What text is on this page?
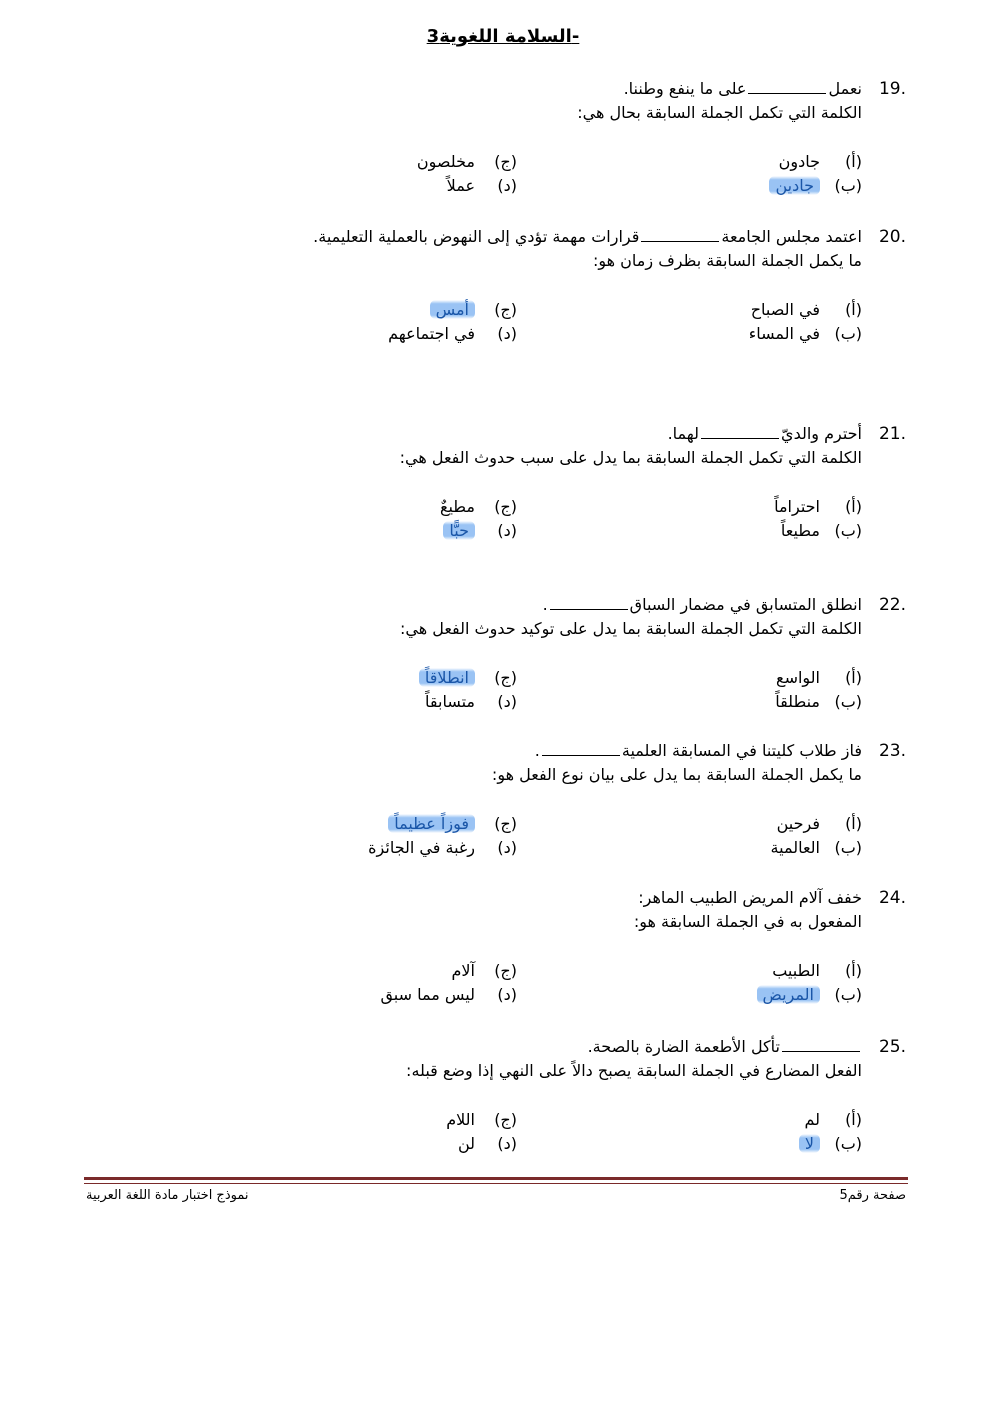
السلامة اللغوية3-
19.
نعملعلى ما ينفع وطننا.
الكلمة التي تكمل الجملة السابقة بحال هي:
(أ)جادون
(ب)جادين
(ج)مخلصون
(د)عملاً
20.
اعتمد مجلس الجامعةقرارات مهمة تؤدي إلى النهوض بالعملية التعليمية.
ما يكمل الجملة السابقة بظرف زمان هو:
(أ)في الصباح
(ب)في المساء
(ج)أمس
(د)في اجتماعهم
21.
أحترم والديّلهما.
الكلمة التي تكمل الجملة السابقة بما يدل على سبب حدوث الفعل هي:
(أ)احتراماً
(ب)مطيعاً
(ج)مطيعٌ
(د)حبًّا
22.
انطلق المتسابق في مضمار السباق.
الكلمة التي تكمل الجملة السابقة بما يدل على توكيد حدوث الفعل هي:
(أ)الواسع
(ب)منطلقاً
(ج)انطلاقاً
(د)متسابقاً
23.
فاز طلاب كليتنا في المسابقة العلمية.
ما يكمل الجملة السابقة بما يدل على بيان نوع الفعل هو:
(أ)فرحين
(ب)العالمية
(ج)فوزاً عظيماً
(د)رغبة في الجائزة
24.
خفف آلام المريض الطبيب الماهر:
المفعول به في الجملة السابقة هو:
(أ)الطبيب
(ب)المريض
(ج)آلام
(د)ليس مما سبق
25.
تأكل الأطعمة الضارة بالصحة.
الفعل المضارع في الجملة السابقة يصبح دالاً على النهي إذا وضع قبله:
(أ)لم
(ب)لا
(ج)اللام
(د)لن
صفحة رقم5
نموذج اختبار مادة اللغة العربية
